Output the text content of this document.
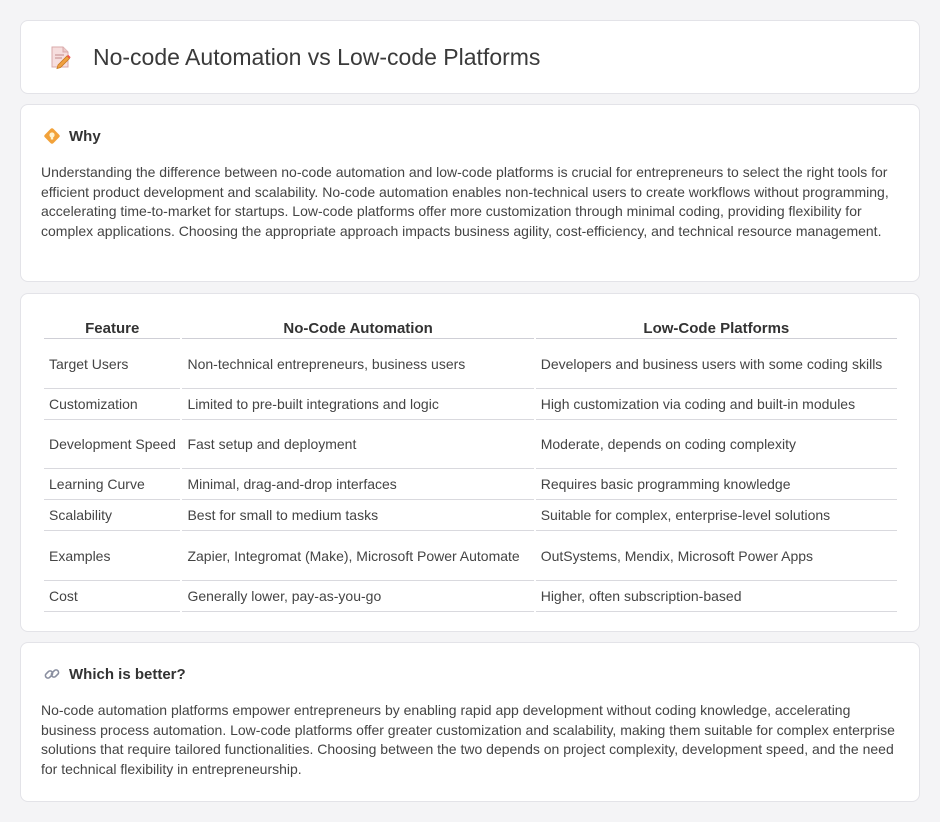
No-code Automation vs Low-code Platforms
Why

Understanding the difference between no-code automation and low-code platforms is crucial for entrepreneurs to select the right tools for efficient product development and scalability. No-code automation enables non-technical users to create workflows without programming, accelerating time-to-market for startups. Low-code platforms offer more customization through minimal coding, providing flexibility for complex applications. Choosing the appropriate approach impacts business agility, cost-efficiency, and technical resource management.

Feature	No-Code Automation	Low-Code Platforms
Target Users	Non-technical entrepreneurs, business users	Developers and business users with some coding skills
Customization	Limited to pre-built integrations and logic	High customization via coding and built-in modules
Development Speed	Fast setup and deployment	Moderate, depends on coding complexity
Learning Curve	Minimal, drag-and-drop interfaces	Requires basic programming knowledge
Scalability	Best for small to medium tasks	Suitable for complex, enterprise-level solutions
Examples	Zapier, Integromat (Make), Microsoft Power Automate	OutSystems, Mendix, Microsoft Power Apps
Cost	Generally lower, pay-as-you-go	Higher, often subscription-based
Which is better?

No-code automation platforms empower entrepreneurs by enabling rapid app development without coding knowledge, accelerating business process automation. Low-code platforms offer greater customization and scalability, making them suitable for complex enterprise solutions that require tailored functionalities. Choosing between the two depends on project complexity, development speed, and the need for technical flexibility in entrepreneurship.
